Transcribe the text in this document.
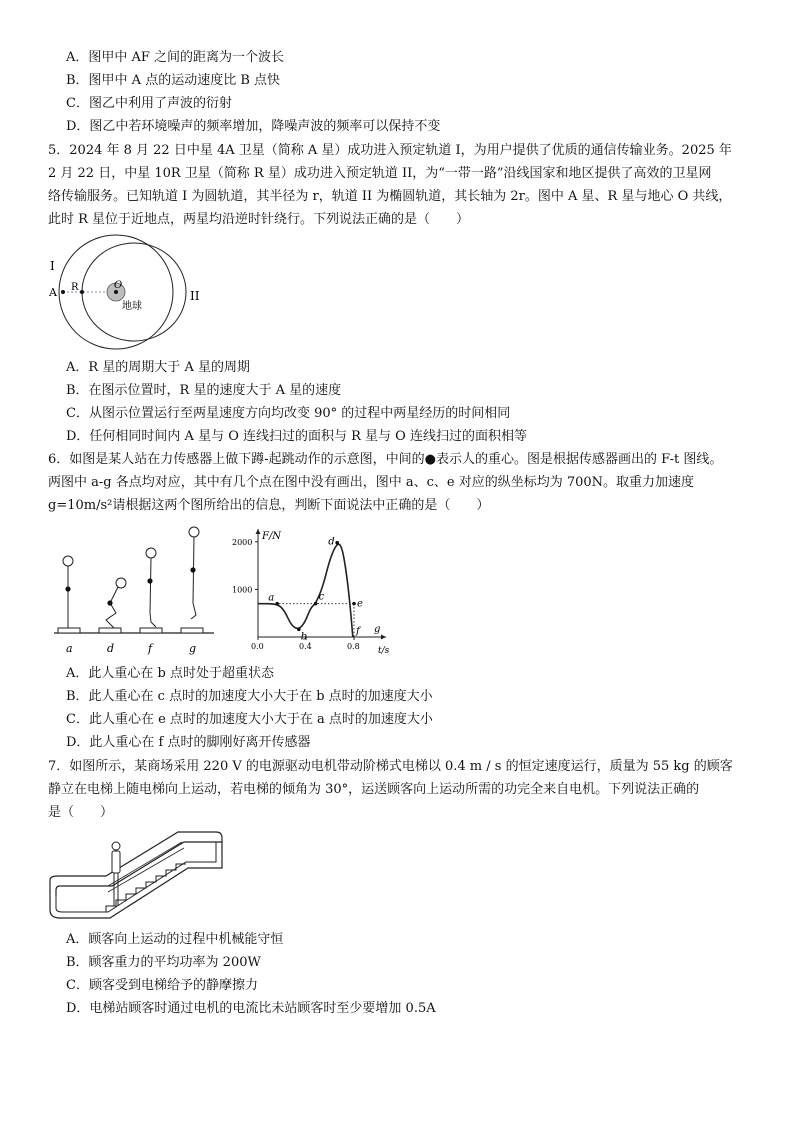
A．图甲中 AF 之间的距离为一个波长
B．图甲中 A 点的运动速度比 B 点快
C．图乙中利用了声波的衍射
D．图乙中若环境噪声的频率增加，降噪声波的频率可以保持不变
5．2024 年 8 月 22 日中星 4A 卫星（简称 A 星）成功进入预定轨道 I，为用户提供了优质的通信传输业务。2025 年
2 月 22 日，中星 10R 卫星（简称 R 星）成功进入预定轨道 II，为“一带一路”沿线国家和地区提供了高效的卫星网
络传输服务。已知轨道 I 为圆轨道，其半径为 r，轨道 II 为椭圆轨道，其长轴为 2r。图中 A 星、R 星与地心 O 共线，
此时 R 星位于近地点，两星均沿逆时针绕行。下列说法正确的是（　　）
I
II
A R	O
地球
A．R 星的周期大于 A 星的周期
B．在图示位置时，R 星的速度大于 A 星的速度
C．从图示位置运行至两星速度方向均改变 90° 的过程中两星经历的时间相同
D．任何相同时间内 A 星与 O 连线扫过的面积与 R 星与 O 连线扫过的面积相等
6．如图是某人站在力传感器上做下蹲-起跳动作的示意图，中间的●表示人的重心。图是根据传感器画出的 F-t 图线。
两图中 a-g 各点均对应，其中有几个点在图中没有画出，图中 a、c、e 对应的纵坐标均为 700N。取重力加速度
g=10m/s²请根据这两个图所给出的信息，判断下面说法中正确的是（　　）
a	d	f	g
F/N
t/s
0.0	0.4	0.8
1000
2000
a
b
c
d
e
f g
A．此人重心在 b 点时处于超重状态
B．此人重心在 c 点时的加速度大小大于在 b 点时的加速度大小
C．此人重心在 e 点时的加速度大小大于在 a 点时的加速度大小
D．此人重心在 f 点时的脚刚好离开传感器
7．如图所示，某商场采用 220 V 的电源驱动电机带动阶梯式电梯以 0.4 m / s 的恒定速度运行，质量为 55 kg 的顾客
静立在电梯上随电梯向上运动，若电梯的倾角为 30°，运送顾客向上运动所需的功完全来自电机。下列说法正确的
是（　　）
A．顾客向上运动的过程中机械能守恒
B．顾客重力的平均功率为 200W
C．顾客受到电梯给予的静摩擦力
D．电梯站顾客时通过电机的电流比未站顾客时至少要增加 0.5A
